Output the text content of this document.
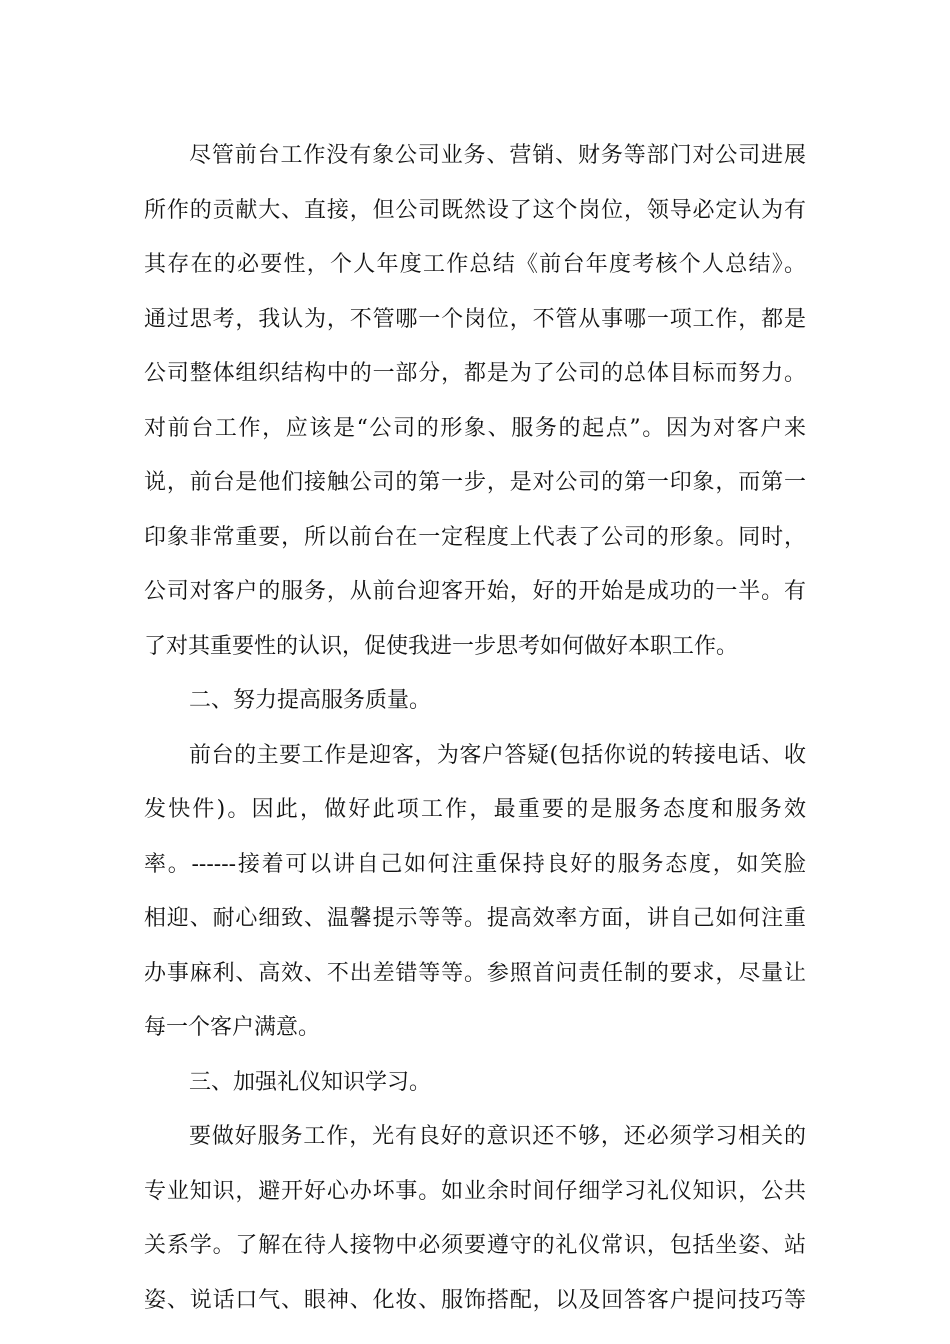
尽管前台工作没有象公司业务、营销、财务等部门对公司进展
所作的贡献大、直接，但公司既然设了这个岗位，领导必定认为有
其存在的必要性，个人年度工作总结《前台年度考核个人总结》。
通过思考，我认为，不管哪一个岗位，不管从事哪一项工作，都是
公司整体组织结构中的一部分，都是为了公司的总体目标而努力。
对前台工作，应该是“公司的形象、服务的起点”。因为对客户来
说，前台是他们接触公司的第一步，是对公司的第一印象，而第一
印象非常重要，所以前台在一定程度上代表了公司的形象。同时，
公司对客户的服务，从前台迎客开始，好的开始是成功的一半。有
了对其重要性的认识，促使我进一步思考如何做好本职工作。
二、努力提高服务质量。
前台的主要工作是迎客，为客户答疑(包括你说的转接电话、收
发快件)。因此，做好此项工作，最重要的是服务态度和服务效
率。------接着可以讲自己如何注重保持良好的服务态度，如笑脸
相迎、耐心细致、温馨提示等等。提高效率方面，讲自己如何注重
办事麻利、高效、不出差错等等。参照首问责任制的要求，尽量让
每一个客户满意。
三、加强礼仪知识学习。
要做好服务工作，光有良好的意识还不够，还必须学习相关的
专业知识，避开好心办坏事。如业余时间仔细学习礼仪知识，公共
关系学。了解在待人接物中必须要遵守的礼仪常识，包括坐姿、站
姿、说话口气、眼神、化妆、服饰搭配，以及回答客户提问技巧等
